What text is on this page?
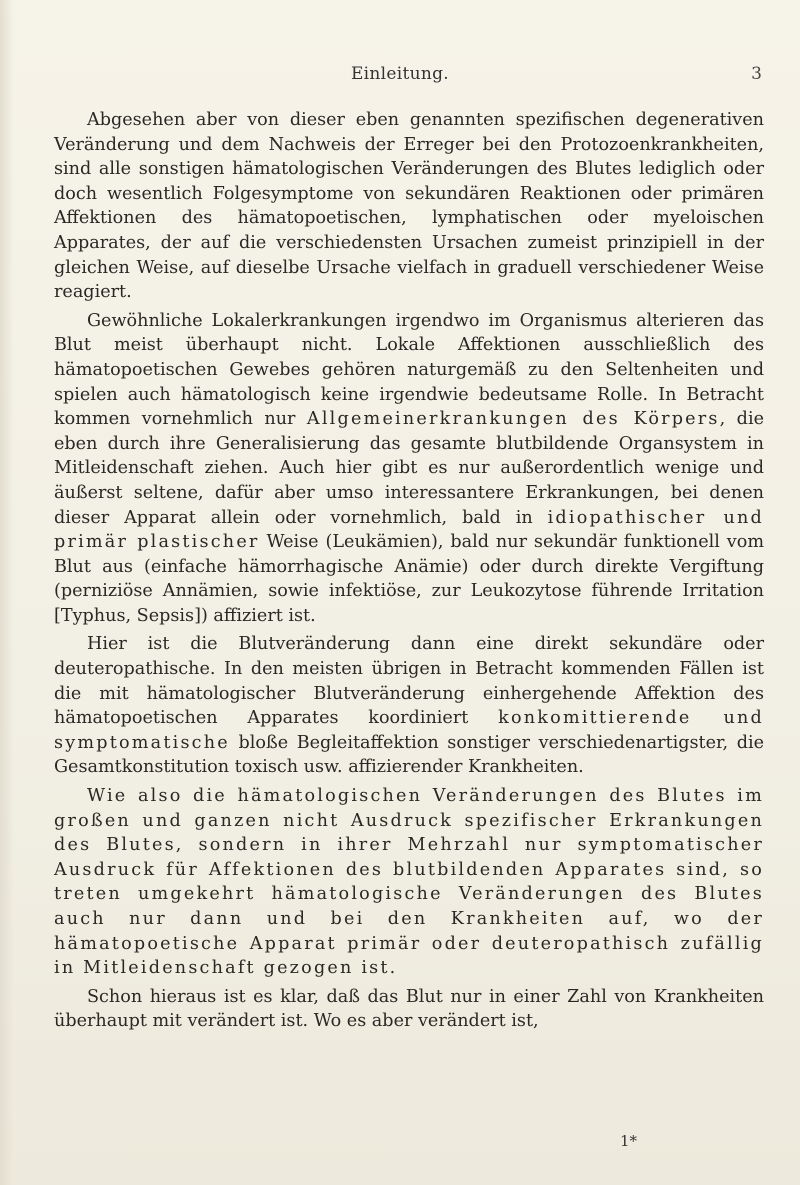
Einleitung.	3

Abgesehen aber von dieser eben genannten spezifischen degenerativen Veränderung und dem Nachweis der Erreger bei den Protozoenkrankheiten, sind alle sonstigen hämatologischen Veränderungen des Blutes lediglich oder doch wesentlich Folgesymptome von sekundären Reaktionen oder primären Affektionen des hämatopoetischen, lymphatischen oder myeloischen Apparates, der auf die verschiedensten Ursachen zumeist prinzipiell in der gleichen Weise, auf dieselbe Ursache vielfach in graduell verschiedener Weise reagiert.

Gewöhnliche Lokalerkrankungen irgendwo im Organismus alterieren das Blut meist überhaupt nicht. Lokale Affektionen ausschließlich des hämatopoetischen Gewebes gehören naturgemäß zu den Seltenheiten und spielen auch hämatologisch keine irgendwie bedeutsame Rolle. In Betracht kommen vornehmlich nur Allgemeinerkrankungen des Körpers, die eben durch ihre Generalisierung das gesamte blutbildende Organsystem in Mitleidenschaft ziehen. Auch hier gibt es nur außerordentlich wenige und äußerst seltene, dafür aber umso interessantere Erkrankungen, bei denen dieser Apparat allein oder vornehmlich, bald in idiopathischer und primär plastischer Weise (Leukämien), bald nur sekundär funktionell vom Blut aus (einfache hämorrhagische Anämie) oder durch direkte Vergiftung (perniziöse Annämien, sowie infektiöse, zur Leukozytose führende Irritation [Typhus, Sepsis]) affiziert ist.

Hier ist die Blutveränderung dann eine direkt sekundäre oder deuteropathische. In den meisten übrigen in Betracht kommenden Fällen ist die mit hämatologischer Blutveränderung einhergehende Affektion des hämatopoetischen Apparates koordiniert konkomittierende und symptomatische bloße Begleitaffektion sonstiger verschiedenartigster, die Gesamtkonstitution toxisch usw. affizierender Krankheiten.

Wie also die hämatologischen Veränderungen des Blutes im großen und ganzen nicht Ausdruck spezifischer Erkrankungen des Blutes, sondern in ihrer Mehrzahl nur symptomatischer Ausdruck für Affektionen des blutbildenden Apparates sind, so treten umgekehrt hämatologische Veränderungen des Blutes auch nur dann und bei den Krankheiten auf, wo der hämatopoetische Apparat primär oder deuteropathisch zufällig in Mitleidenschaft gezogen ist.

Schon hieraus ist es klar, daß das Blut nur in einer Zahl von Krankheiten überhaupt mit verändert ist. Wo es aber verändert ist,

1*
